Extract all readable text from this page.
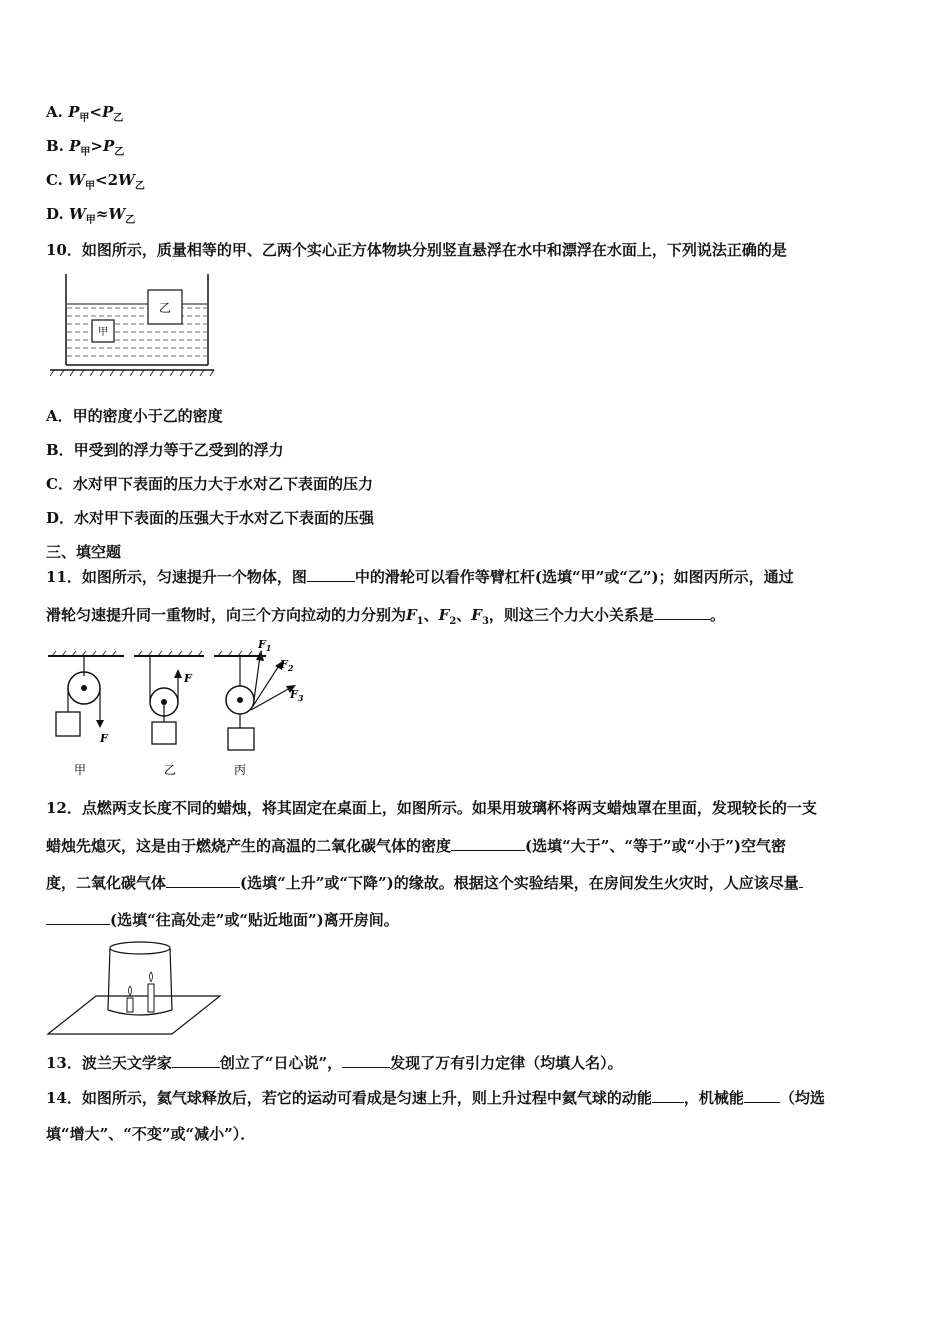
A. $P_甲<P_乙$
B. $P_甲>P_乙$
C. $W_甲<2W_乙$
D. $W_甲\approx W_乙$
10．如图所示，质量相等的甲、乙两个实心正方体物块分别竖直悬浮在水中和漂浮在水面上，下列说法正确的是
甲
乙
A．甲的密度小于乙的密度
B．甲受到的浮力等于乙受到的浮力
C．水对甲下表面的压力大于水对乙下表面的压力
D．水对甲下表面的压强大于水对乙下表面的压强
三、填空题
11．如图所示，匀速提升一个物体，图	中的滑轮可以看作等臂杠杆(选填“甲”或“乙”)；如图丙所示，通过
滑轮匀速提升同一重物时，向三个方向拉动的力分别为$F_1$、$F_2$、$F_3$，则这三个力大小关系是	。
F
甲
F
乙
$F_1$
$F_2$
$F_3$
丙
12．点燃两支长度不同的蜡烛，将其固定在桌面上，如图所示。如果用玻璃杯将两支蜡烛罩在里面，发现较长的一支
蜡烛先熄灭，这是由于燃烧产生的高温的二氧化碳气体的密度	(选填“大于”、“等于”或“小于”)空气密
度，二氧化碳气体	(选填“上升”或“下降”)的缘故。根据这个实验结果，在房间发生火灾时，人应该尽量
(选填“往高处走”或“贴近地面”)离开房间。
13．波兰天文学家	创立了“日心说”，	发现了万有引力定律（均填人名）。
14．如图所示，氦气球释放后，若它的运动可看成是匀速上升，则上升过程中氦气球的动能 ，机械能 （均选
填“增大”、“不变”或“减小”）．
